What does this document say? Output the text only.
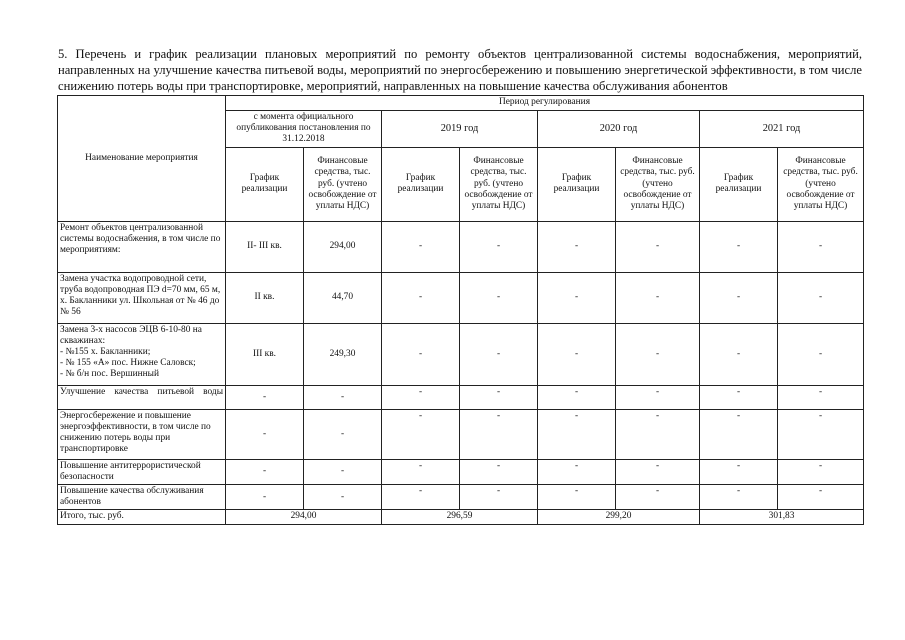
5. Перечень и график реализации плановых мероприятий по ремонту объектов централизованной системы водоснабжения, мероприятий, направленных на улучшение качества питьевой воды, мероприятий по энергосбережению и повышению энергетической эффективности, в том числе снижению потерь воды при транспортировке, мероприятий, направленных на повышение качества обслуживания абонентов
Наименование мероприятия	Период регулирования							
	с момента официального опубликования постановления по 31.12.2018		2019 год		2020 год		2021 год	
	График реализации	Финансовые средства, тыс. руб. (учтено освобождение от уплаты НДС)	График реализации	Финансовые средства, тыс. руб. (учтено освобождение от уплаты НДС)	График реализации	Финансовые средства, тыс. руб. (учтено освобождение от уплаты НДС)	График реализации	Финансовые средства, тыс. руб. (учтено освобождение от уплаты НДС)
Ремонт объектов централизованной системы водоснабжения, в том числе по мероприятиям:	II- III кв.	294,00	-	-	-	-	-	-
Замена участка водопроводной сети, труба водопроводная ПЭ d=70 мм, 65 м, х. Бакланники ул. Школьная от № 46 до № 56	II кв.	44,70	-	-	-	-	-	-
Замена 3-х насосов ЭЦВ 6-10-80 на скважинах:
- №155 х. Бакланники;
- № 155 «А» пос. Нижне Саловск;
- № б/н пос. Вершинный	III кв.	249,30	-	-	-	-	-	-
Улучшение качества питьевой воды	-	-	-	-	-	-	-	-
Энергосбережение и повышение энергоэффективности, в том числе по снижению потерь воды при транспортировке	-	-	-	-	-	-	-	-
Повышение антитеррористической безопасности	-	-	-	-	-	-	-	-
Повышение качества обслуживания абонентов	-	-	-	-	-	-	-	-
Итого, тыс. руб.	294,00		296,59		299,20		301,83	
